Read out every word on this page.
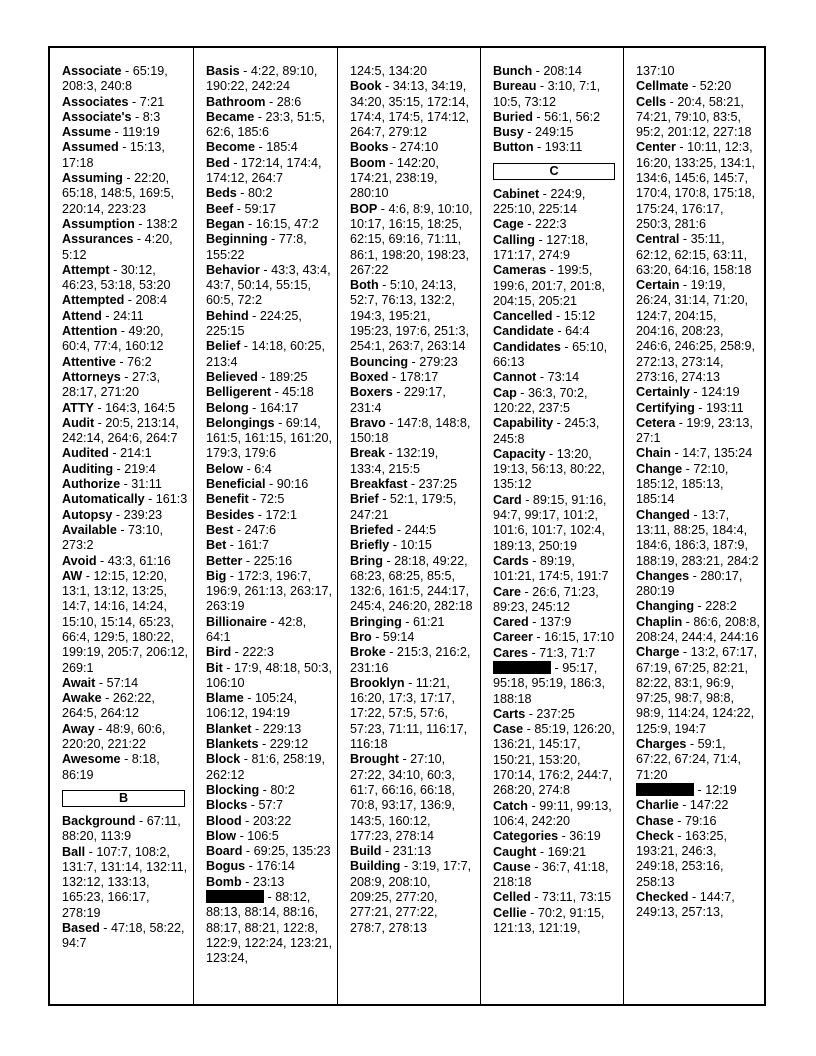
Associate - 65:19, 208:3, 240:8
Associates - 7:21
Associate's - 8:3
Assume - 119:19
Assumed - 15:13, 17:18
Assuming - 22:20, 65:18, 148:5, 169:5, 220:14, 223:23
Assumption - 138:2
Assurances - 4:20, 5:12
Attempt - 30:12, 46:23, 53:18, 53:20
Attempted - 208:4
Attend - 24:11
Attention - 49:20, 60:4, 77:4, 160:12
Attentive - 76:2
Attorneys - 27:3, 28:17, 271:20
ATTY - 164:3, 164:5
Audit - 20:5, 213:14, 242:14, 264:6, 264:7
Audited - 214:1
Auditing - 219:4
Authorize - 31:11
Automatically - 161:3
Autopsy - 239:23
Available - 73:10, 273:2
Avoid - 43:3, 61:16
AW - 12:15, 12:20, 13:1, 13:12, 13:25, 14:7, 14:16, 14:24, 15:10, 15:14, 65:23, 66:4, 129:5, 180:22, 199:19, 205:7, 206:12, 269:1
Await - 57:14
Awake - 262:22, 264:5, 264:12
Away - 48:9, 60:6, 220:20, 221:22
Awesome - 8:18, 86:19
B
Background - 67:11, 88:20, 113:9
Ball - 107:7, 108:2, 131:7, 131:14, 132:11, 132:12, 133:13, 165:23, 166:17, 278:19
Based - 47:18, 58:22, 94:7
Basis - 4:22, 89:10, 190:22, 242:24
Bathroom - 28:6
Became - 23:3, 51:5, 62:6, 185:6
Become - 185:4
Bed - 172:14, 174:4, 174:12, 264:7
Beds - 80:2
Beef - 59:17
Began - 16:15, 47:2
Beginning - 77:8, 155:22
Behavior - 43:3, 43:4, 43:7, 50:14, 55:15, 60:5, 72:2
Behind - 224:25, 225:15
Belief - 14:18, 60:25, 213:4
Believed - 189:25
Belligerent - 45:18
Belong - 164:17
Belongings - 69:14, 161:5, 161:15, 161:20, 179:3, 179:6
Below - 6:4
Beneficial - 90:16
Benefit - 72:5
Besides - 172:1
Best - 247:6
Bet - 161:7
Better - 225:16
Big - 172:3, 196:7, 196:9, 261:13, 263:17, 263:19
Billionaire - 42:8, 64:1
Bird - 222:3
Bit - 17:9, 48:18, 50:3, 106:10
Blame - 105:24, 106:12, 194:19
Blanket - 229:13
Blankets - 229:12
Block - 81:6, 258:19, 262:12
Blocking - 80:2
Blocks - 57:7
Blood - 203:22
Blow - 106:5
Board - 69:25, 135:23
Bogus - 176:14
Bomb - 23:13
- 88:12, 88:13, 88:14, 88:16, 88:17, 88:21, 122:8, 122:9, 122:24, 123:21, 123:24,
124:5, 134:20
Book - 34:13, 34:19, 34:20, 35:15, 172:14, 174:4, 174:5, 174:12, 264:7, 279:12
Books - 274:10
Boom - 142:20, 174:21, 238:19, 280:10
BOP - 4:6, 8:9, 10:10, 10:17, 16:15, 18:25, 62:15, 69:16, 71:11, 86:1, 198:20, 198:23, 267:22
Both - 5:10, 24:13, 52:7, 76:13, 132:2, 194:3, 195:21, 195:23, 197:6, 251:3, 254:1, 263:7, 263:14
Bouncing - 279:23
Boxed - 178:17
Boxers - 229:17, 231:4
Bravo - 147:8, 148:8, 150:18
Break - 132:19, 133:4, 215:5
Breakfast - 237:25
Brief - 52:1, 179:5, 247:21
Briefed - 244:5
Briefly - 10:15
Bring - 28:18, 49:22, 68:23, 68:25, 85:5, 132:6, 161:5, 244:17, 245:4, 246:20, 282:18
Bringing - 61:21
Bro - 59:14
Broke - 215:3, 216:2, 231:16
Brooklyn - 11:21, 16:20, 17:3, 17:17, 17:22, 57:5, 57:6, 57:23, 71:11, 116:17, 116:18
Brought - 27:10, 27:22, 34:10, 60:3, 61:7, 66:16, 66:18, 70:8, 93:17, 136:9, 143:5, 160:12, 177:23, 278:14
Build - 231:13
Building - 3:19, 17:7, 208:9, 208:10, 209:25, 277:20, 277:21, 277:22, 278:7, 278:13
Bunch - 208:14
Bureau - 3:10, 7:1, 10:5, 73:12
Buried - 56:1, 56:2
Busy - 249:15
Button - 193:11
C
Cabinet - 224:9, 225:10, 225:14
Cage - 222:3
Calling - 127:18, 171:17, 274:9
Cameras - 199:5, 199:6, 201:7, 201:8, 204:15, 205:21
Cancelled - 15:12
Candidate - 64:4
Candidates - 65:10, 66:13
Cannot - 73:14
Cap - 36:3, 70:2, 120:22, 237:5
Capability - 245:3, 245:8
Capacity - 13:20, 19:13, 56:13, 80:22, 135:12
Card - 89:15, 91:16, 94:7, 99:17, 101:2, 101:6, 101:7, 102:4, 189:13, 250:19
Cards - 89:19, 101:21, 174:5, 191:7
Care - 26:6, 71:23, 89:23, 245:12
Cared - 137:9
Career - 16:15, 17:10
Cares - 71:3, 71:7
- 95:17, 95:18, 95:19, 186:3, 188:18
Carts - 237:25
Case - 85:19, 126:20, 136:21, 145:17, 150:21, 153:20, 170:14, 176:2, 244:7, 268:20, 274:8
Catch - 99:11, 99:13, 106:4, 242:20
Categories - 36:19
Caught - 169:21
Cause - 36:7, 41:18, 218:18
Celled - 73:11, 73:15
Cellie - 70:2, 91:15, 121:13, 121:19,
137:10
Cellmate - 52:20
Cells - 20:4, 58:21, 74:21, 79:10, 83:5, 95:2, 201:12, 227:18
Center - 10:11, 12:3, 16:20, 133:25, 134:1, 134:6, 145:6, 145:7, 170:4, 170:8, 175:18, 175:24, 176:17, 250:3, 281:6
Central - 35:11, 62:12, 62:15, 63:11, 63:20, 64:16, 158:18
Certain - 19:19, 26:24, 31:14, 71:20, 124:7, 204:15, 204:16, 208:23, 246:6, 246:25, 258:9, 272:13, 273:14, 273:16, 274:13
Certainly - 124:19
Certifying - 193:11
Cetera - 19:9, 23:13, 27:1
Chain - 14:7, 135:24
Change - 72:10, 185:12, 185:13, 185:14
Changed - 13:7, 13:11, 88:25, 184:4, 184:6, 186:3, 187:9, 188:19, 283:21, 284:2
Changes - 280:17, 280:19
Changing - 228:2
Chaplin - 86:6, 208:8, 208:24, 244:4, 244:16
Charge - 13:2, 67:17, 67:19, 67:25, 82:21, 82:22, 83:1, 96:9, 97:25, 98:7, 98:8, 98:9, 114:24, 124:22, 125:9, 194:7
Charges - 59:1, 67:22, 67:24, 71:4, 71:20
- 12:19
Charlie - 147:22
Chase - 79:16
Check - 163:25, 193:21, 246:3, 249:18, 253:16, 258:13
Checked - 144:7, 249:13, 257:13,
